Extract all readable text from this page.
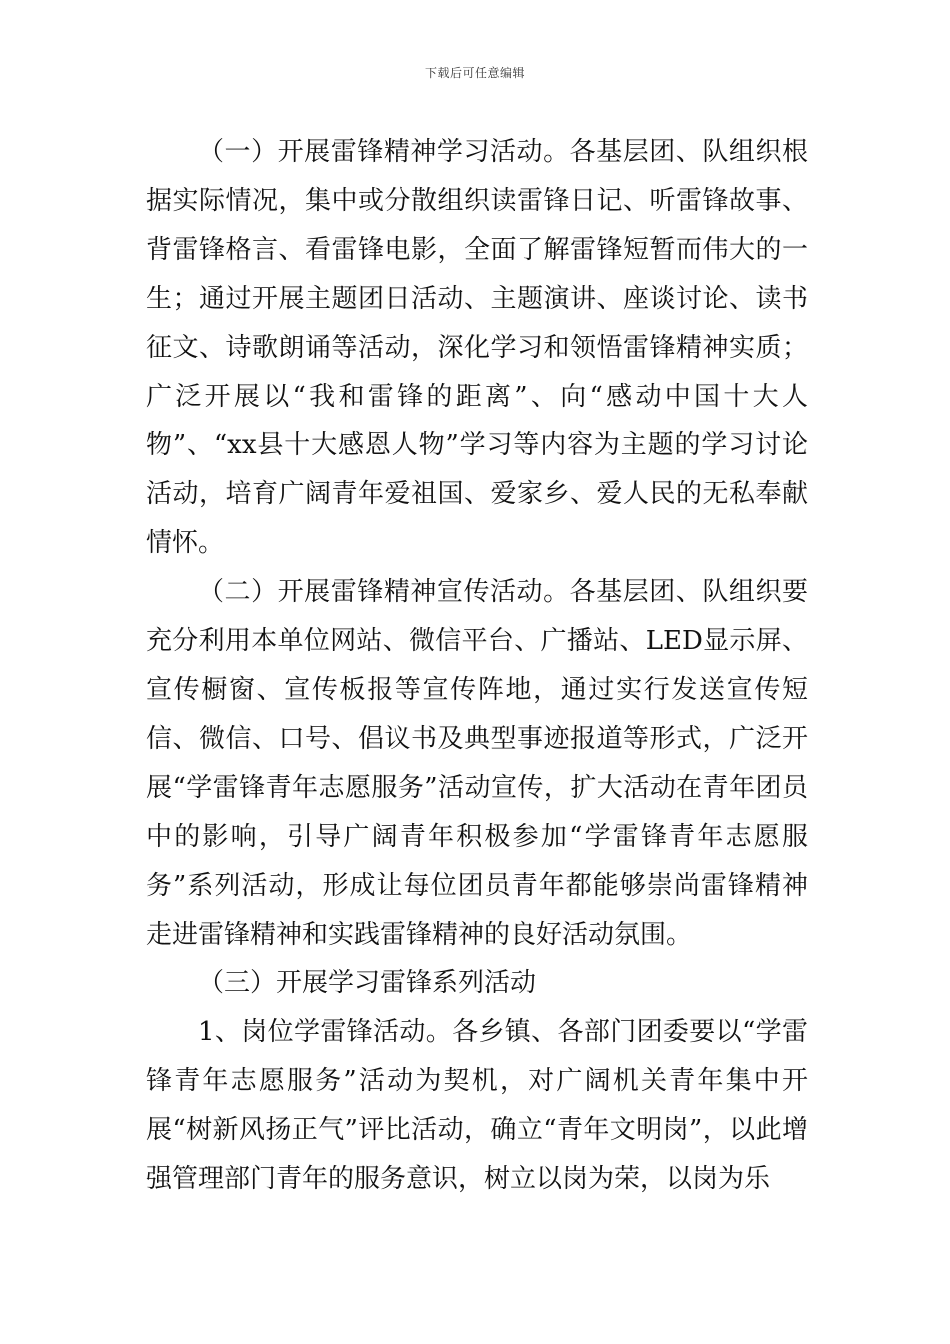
下载后可任意编辑

（一）开展雷锋精神学习活动。各基层团、队组织根据实际情况，集中或分散组织读雷锋日记、听雷锋故事、背雷锋格言、看雷锋电影，全面了解雷锋短暂而伟大的一生；通过开展主题团日活动、主题演讲、座谈讨论、读书征文、诗歌朗诵等活动，深化学习和领悟雷锋精神实质；广泛开展以“我和雷锋的距离”、向“感动中国十大人物”、“xx县十大感恩人物”学习等内容为主题的学习讨论活动，培育广阔青年爱祖国、爱家乡、爱人民的无私奉献情怀。

（二）开展雷锋精神宣传活动。各基层团、队组织要充分利用本单位网站、微信平台、广播站、LED显示屏、宣传橱窗、宣传板报等宣传阵地，通过实行发送宣传短信、微信、口号、倡议书及典型事迹报道等形式，广泛开展“学雷锋青年志愿服务”活动宣传，扩大活动在青年团员中的影响，引导广阔青年积极参加“学雷锋青年志愿服务”系列活动，形成让每位团员青年都能够崇尚雷锋精神走进雷锋精神和实践雷锋精神的良好活动氛围。

（三）开展学习雷锋系列活动

1、岗位学雷锋活动。各乡镇、各部门团委要以“学雷锋青年志愿服务”活动为契机，对广阔机关青年集中开展“树新风扬正气”评比活动，确立“青年文明岗”，以此增强管理部门青年的服务意识，树立以岗为荣，以岗为乐
